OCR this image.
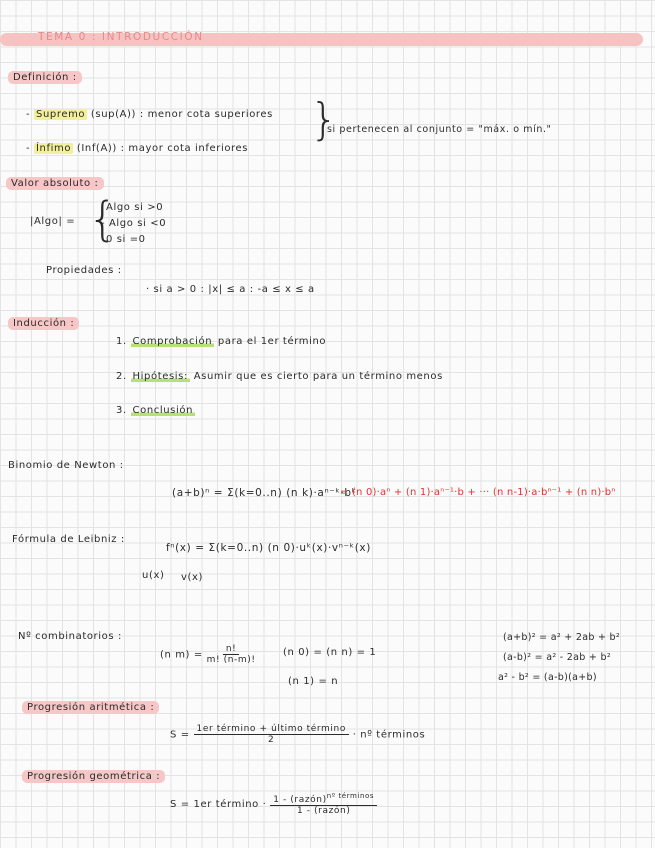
TEMA 0 : INTRODUCCIÓN
Definición :
- Supremo (sup(A)) : menor cota superiores
- Ínfimo (Inf(A)) : mayor cota inferiores
}
si pertenecen al conjunto = "máx. o mín."
Valor absoluto :
|Algo| = {
Algo si >0
- Algo si <0
0 si =0
Propiedades :
· si a > 0 : |x| ≤ a : -a ≤ x ≤ a
Inducción :
1. Comprobación para el 1er término
2. Hipótesis: Asumir que es cierto para un término menos
3. Conclusión
Binomio de Newton :
(a+b)ⁿ = Σ(k=0..n) (n k)·aⁿ⁻ᵏ·bᵏ
= (n 0)·aⁿ + (n 1)·aⁿ⁻¹·b + ··· (n n-1)·a·bⁿ⁻¹ + (n n)·bⁿ
Fórmula de Leibniz :
fⁿ(x) = Σ(k=0..n) (n 0)·uᵏ(x)·vⁿ⁻ᵏ(x)
u(x) v(x)
Nº combinatorios :
(n $m) = \frac{n!}{m! (n-m)!}$	(n 0) = (n n) = 1
(n 1) = n
(a+b)² = a² + 2ab + b²
(a-b)² = a² - 2ab + b²
a² - b² = (a-b)(a+b)
Progresión aritmética :
$S = \frac{\text{1er término + último término}}{2}$ · nº términos
Progresión geométrica :
S = 1er término · $\frac{1 - (razón)^{nº términos}}{\text{1 - (razón)}}$
